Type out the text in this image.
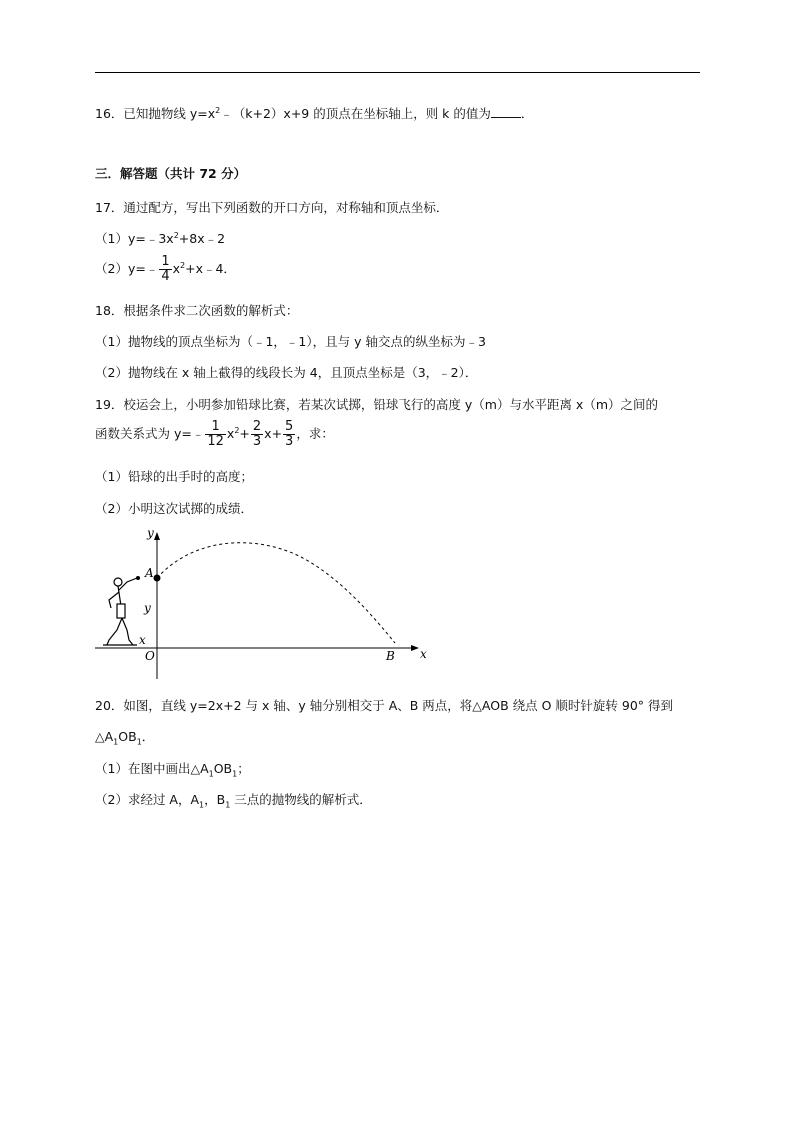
16．已知抛物线 $y=x^2﹣(k+2)x+9$ 的顶点在坐标轴上，则 k 的值为 ．
三．解答题（共计 72 分）
17．通过配方，写出下列函数的开口方向，对称轴和顶点坐标．
$(1)y=﹣3x^2+8x﹣2$
（2）y=﹣ $\frac{1}{4}$ $x^2+x﹣4$．
18．根据条件求二次函数的解析式：
（1）抛物线的顶点坐标为（﹣1，﹣1），且与 y 轴交点的纵坐标为﹣3
（2）抛物线在 x 轴上截得的线段长为 4，且顶点坐标是（3，﹣2）．
19．校运会上，小明参加铅球比赛，若某次试掷，铅球飞行的高度 y（m）与水平距离 x（m）之间的
函数关系式为 y=﹣ $\frac{1}{12} x^2+ \frac{2}{3} x+ \frac{5}{3}$ ，求：
（1）铅球的出手时的高度；
（2）小明这次试掷的成绩．
y
x
A
B
O
y
x
20．如图，直线 y=2x+2 与 x 轴、y 轴分别相交于 A、B 两点，将△AOB 绕点 O 顺时针旋转 90° 得到
$\triangle A_1OB_1$．
（1）在图中画出$\triangle A_1OB_1$；
（2）求经过 A，$A_1$，$B_1$ 三点的抛物线的解析式．
